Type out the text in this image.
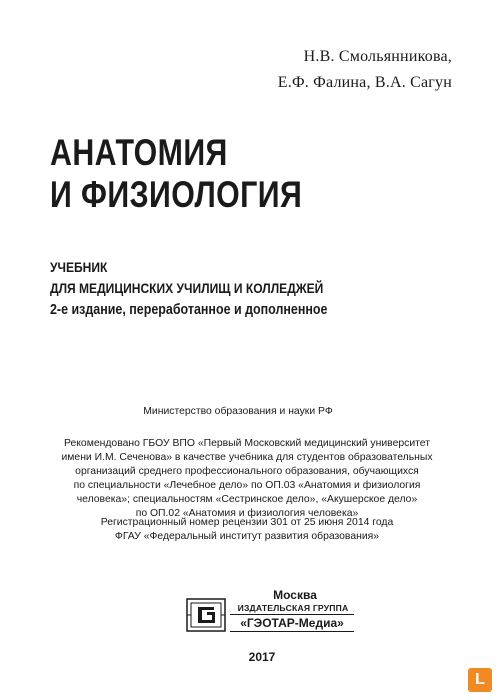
Н.В. Смольянникова,
Е.Ф. Фалина, В.А. Сагун
АНАТОМИЯ
И ФИЗИОЛОГИЯ
УЧЕБНИК
ДЛЯ МЕДИЦИНСКИХ УЧИЛИЩ И КОЛЛЕДЖЕЙ
2-е издание, переработанное и дополненное
Министерство образования и науки РФ
Рекомендовано ГБОУ ВПО «Первый Московский медицинский университет
имени И.М. Сеченова» в качестве учебника для студентов образовательных
организаций среднего профессионального образования, обучающихся
по специальности «Лечебное дело» по ОП.03 «Анатомия и физиология
человека»; специальностям «Сестринское дело», «Акушерское дело»
по ОП.02 «Анатомия и физиология человека»
Регистрационный номер рецензии 301 от 25 июня 2014 года
ФГАУ «Федеральный институт развития образования»
Москва
ИЗДАТЕЛЬСКАЯ ГРУППА
«ГЭОТАР-Медиа»
2017
L
